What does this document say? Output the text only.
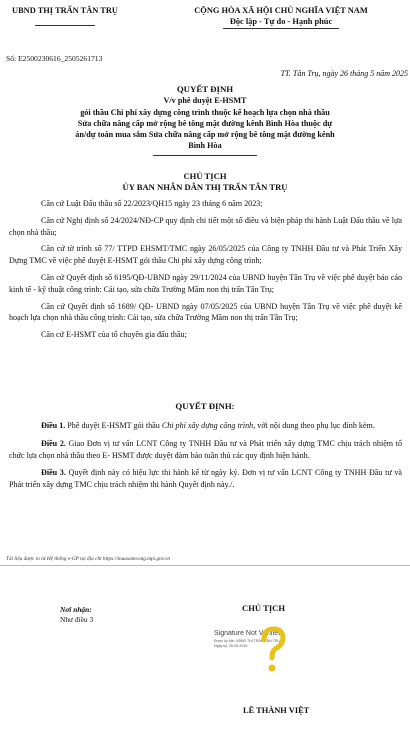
UBND THỊ TRẤN TÂN TRỤ
Số: E2500230616_2505261713
CỘNG HÒA XÃ HỘI CHỦ NGHĨA VIỆT NAM
Độc lập - Tự do - Hạnh phúc
TT. Tân Trụ, ngày 26 tháng 5 năm 2025
QUYẾT ĐỊNH
V/v phê duyệt E-HSMT
gói thầu Chi phí xây dựng công trình thuộc kế hoạch lựa chọn nhà thầu
Sửa chữa nâng cấp mở rộng bê tông mặt đường kênh Bình Hòa thuộc dự
án/dự toán mua sắm Sửa chữa nâng cấp mở rộng bê tông mặt đường kênh
Bình Hòa
CHỦ TỊCH
ỦY BAN NHÂN DÂN THỊ TRẤN TÂN TRỤ
Căn cứ Luật Đấu thầu số 22/2023/QH15 ngày 23 tháng 6 năm 2023;
Căn cứ Nghị định số 24/2024/NĐ-CP quy định chi tiết một số điều và biện pháp thi hành Luật Đấu thầu về lựa chọn nhà thầu;
Căn cứ tờ trình số 77/ TTPD EHSMT/TMC ngày 26/05/2025 của Công ty TNHH Đầu tư và Phát Triển Xây Dựng TMC về việc phê duyệt E-HSMT gói thầu Chi phí xây dựng công trình;
Căn cứ Quyết định số 6195/QĐ-UBND ngày 29/11/2024 của UBND huyện Tân Trụ về việc phê duyệt báo cáo kinh tế - kỹ thuật công trình: Cải tạo, sửa chữa Trường Mầm non thị trấn Tân Trụ;
Căn cứ Quyết định số 1689/ QĐ- UBND ngày 07/05/2025 của UBND huyện Tân Trụ về việc phê duyệt kế hoạch lựa chọn nhà thầu công trình: Cải tạo, sửa chữa Trường Mầm non thị trấn Tân Trụ;
Căn cứ E-HSMT của tổ chuyên gia đấu thầu;
QUYẾT ĐỊNH:
Điều 1. Phê duyệt E-HSMT gói thầu Chi phí xây dựng công trình, với nội dung theo phụ lục đính kèm.
Điều 2. Giao Đơn vị tư vấn LCNT Công ty TNHH Đầu tư và Phát triển xây dựng TMC chịu trách nhiệm tổ chức lựa chọn nhà thầu theo E- HSMT được duyệt đảm bảo tuân thủ các quy định hiện hành.
Điều 3. Quyết định này có hiệu lực thi hành kể từ ngày ký. Đơn vị tư vấn LCNT Công ty TNHH Đầu tư và Phát triển xây dựng TMC chịu trách nhiệm thi hành Quyết định này./.
Tải liệu được in từ Hệ thống e-GP tại địa chỉ https://muasamcong.mpi.gov.vn
Nơi nhận:
Như điều 3
CHỦ TỊCH
Signature Not Verified
Được ký bởi: UBND THỊ TRẤN TÂN TRỤ
Ngày ký: 26-05-2025
LÊ THÀNH VIỆT
